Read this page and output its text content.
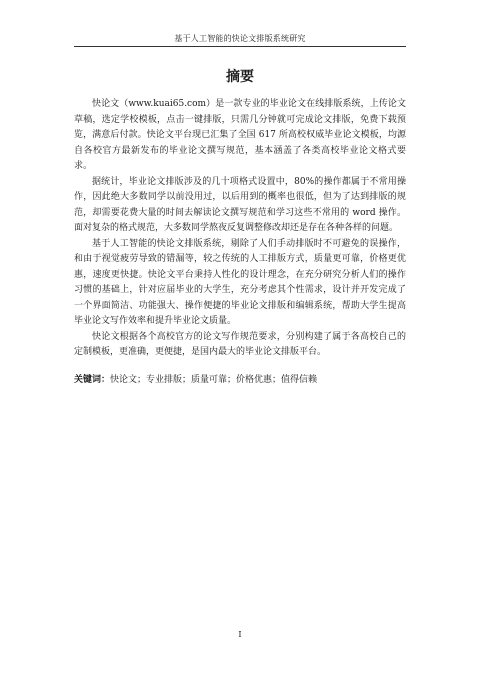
基于人工智能的快论文排版系统研究
摘要

快论文（www.kuai65.com）是一款专业的毕业论文在线排版系统，上传论文草稿，选定学校模板，点击一键排版，只需几分钟就可完成论文排版，免费下载预览，满意后付款。快论文平台现已汇集了全国 617 所高校权威毕业论文模板，均源自各校官方最新发布的毕业论文撰写规范，基本涵盖了各类高校毕业论文格式要求。

据统计，毕业论文排版涉及的几十项格式设置中，80%的操作都属于不常用操作，因此绝大多数同学以前没用过，以后用到的概率也很低，但为了达到排版的规范，却需要花费大量的时间去解读论文撰写规范和学习这些不常用的 word 操作。面对复杂的格式规范，大多数同学熬夜反复调整修改却还是存在各种各样的问题。

基于人工智能的快论文排版系统，剔除了人们手动排版时不可避免的误操作，和由于视觉疲劳导致的错漏等，较之传统的人工排版方式，质量更可靠，价格更优惠，速度更快捷。快论文平台秉持人性化的设计理念，在充分研究分析人们的操作习惯的基础上，针对应届毕业的大学生，充分考虑其个性需求，设计并开发完成了一个界面简洁、功能强大、操作便捷的毕业论文排版和编辑系统，帮助大学生提高毕业论文写作效率和提升毕业论文质量。

快论文根据各个高校官方的论文写作规范要求，分别构建了属于各高校自己的定制模板，更准确，更便捷，是国内最大的毕业论文排版平台。

关键词：快论文；专业排版；质量可靠；价格优惠；值得信赖

I
